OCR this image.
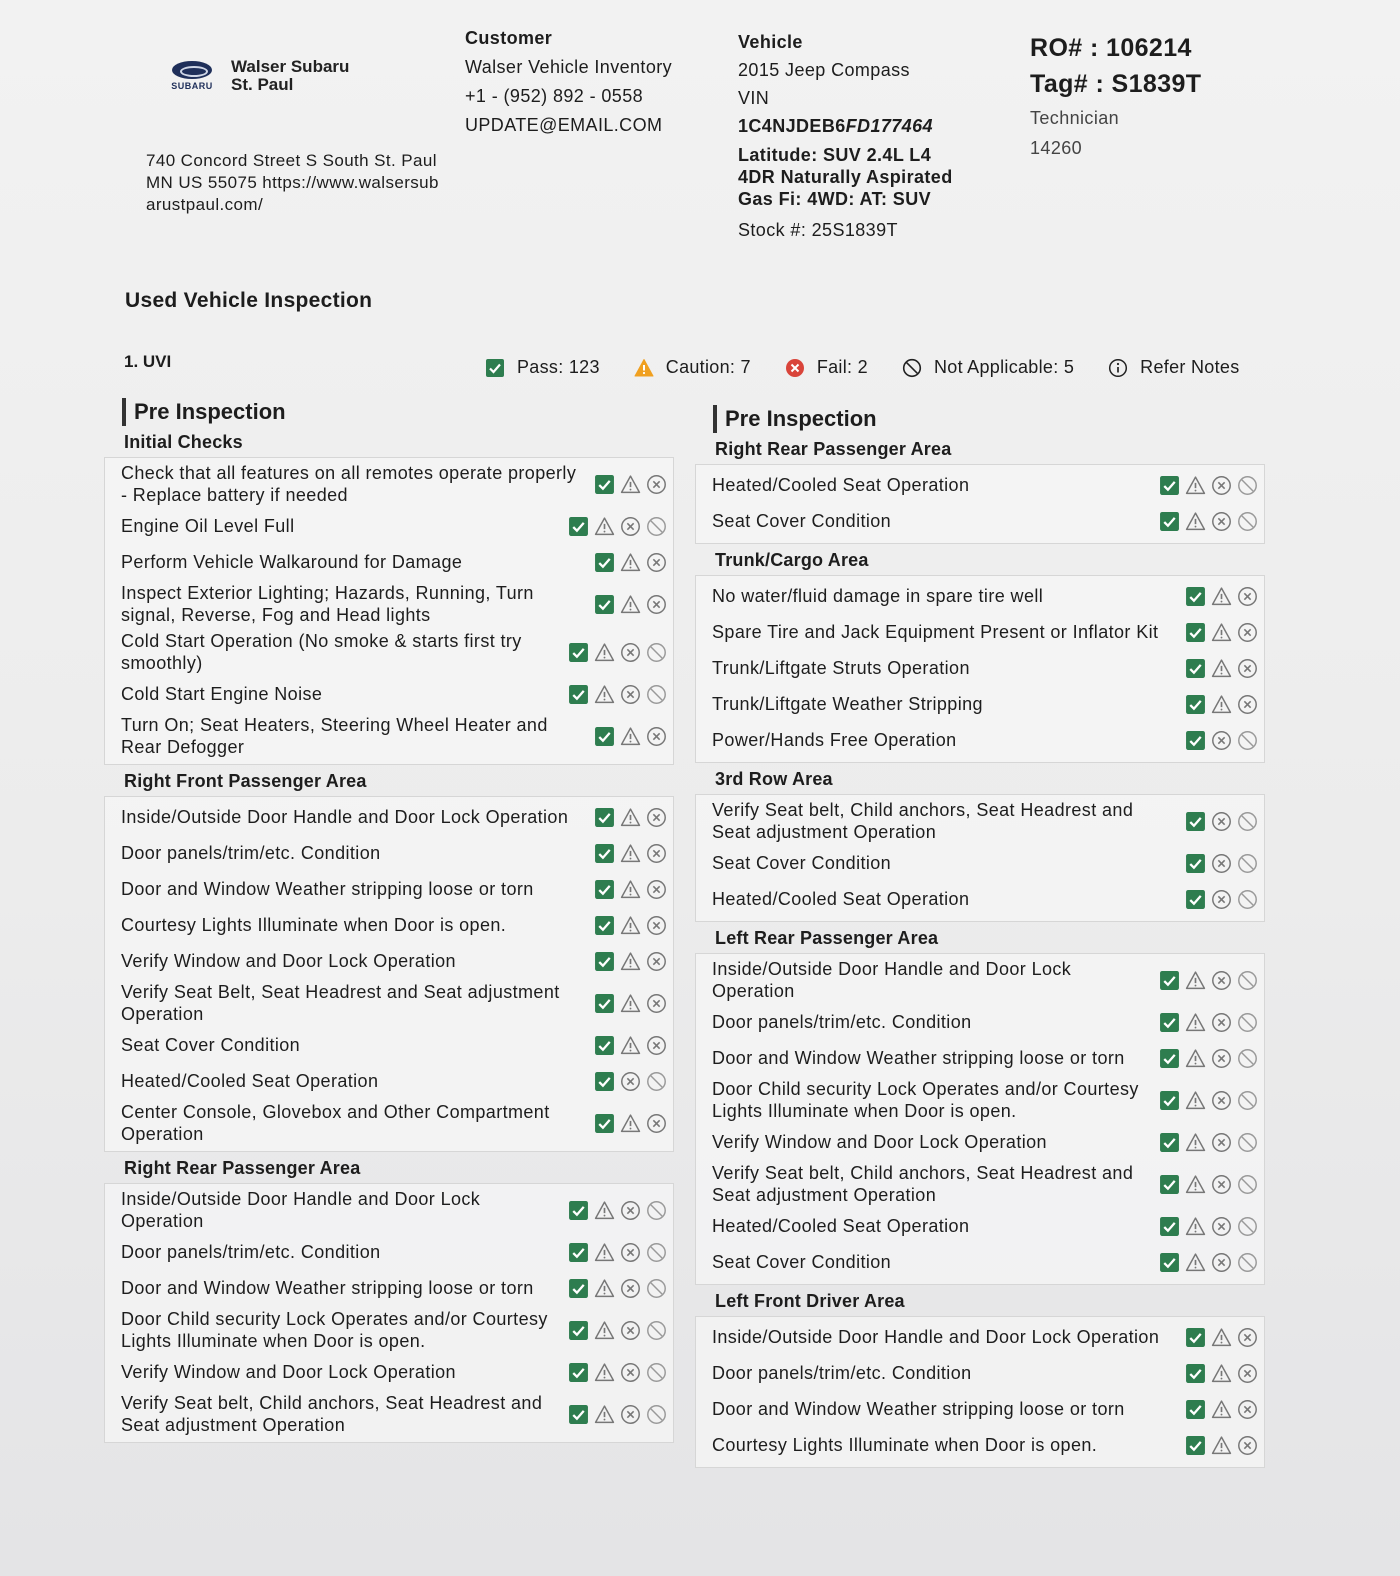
SUBARU
Walser Subaru
St. Paul
740 Concord Street S South St. Paul MN US 55075 https://www.walsersubarustpaul.com/
Customer
Walser Vehicle Inventory
+1 - (952) 892 - 0558
UPDATE@EMAIL.COM
Vehicle
2015 Jeep Compass
VIN
1C4NJDEB6FD177464
Latitude: SUV 2.4L L4
4DR Naturally Aspirated
Gas Fi: 4WD: AT: SUV
Stock #: 25S1839T
RO# : 106214
Tag# : S1839T
Technician
14260
Used Vehicle Inspection
1. UVI	Pass: 123	Caution: 7	Fail: 2	Not Applicable: 5	Refer Notes
Pre Inspection
Initial Checks
Check that all features on all remotes operate properly - Replace battery if needed
Engine Oil Level Full
Perform Vehicle Walkaround for Damage
Inspect Exterior Lighting; Hazards, Running, Turn signal, Reverse, Fog and Head lights
Cold Start Operation (No smoke & starts first try smoothly)
Cold Start Engine Noise
Turn On; Seat Heaters, Steering Wheel Heater and Rear Defogger
Right Front Passenger Area
Inside/Outside Door Handle and Door Lock Operation
Door panels/trim/etc. Condition
Door and Window Weather stripping loose or torn
Courtesy Lights Illuminate when Door is open.
Verify Window and Door Lock Operation
Verify Seat Belt, Seat Headrest and Seat adjustment Operation
Seat Cover Condition
Heated/Cooled Seat Operation
Center Console, Glovebox and Other Compartment Operation
Right Rear Passenger Area
Inside/Outside Door Handle and Door Lock Operation
Door panels/trim/etc. Condition
Door and Window Weather stripping loose or torn
Door Child security Lock Operates and/or Courtesy Lights Illuminate when Door is open.
Verify Window and Door Lock Operation
Verify Seat belt, Child anchors, Seat Headrest and Seat adjustment Operation
Pre Inspection
Right Rear Passenger Area
Heated/Cooled Seat Operation
Seat Cover Condition
Trunk/Cargo Area
No water/fluid damage in spare tire well
Spare Tire and Jack Equipment Present or Inflator Kit
Trunk/Liftgate Struts Operation
Trunk/Liftgate Weather Stripping
Power/Hands Free Operation
3rd Row Area
Verify Seat belt, Child anchors, Seat Headrest and Seat adjustment Operation
Seat Cover Condition
Heated/Cooled Seat Operation
Left Rear Passenger Area
Inside/Outside Door Handle and Door Lock Operation
Door panels/trim/etc. Condition
Door and Window Weather stripping loose or torn
Door Child security Lock Operates and/or Courtesy Lights Illuminate when Door is open.
Verify Window and Door Lock Operation
Verify Seat belt, Child anchors, Seat Headrest and Seat adjustment Operation
Heated/Cooled Seat Operation
Seat Cover Condition
Left Front Driver Area
Inside/Outside Door Handle and Door Lock Operation
Door panels/trim/etc. Condition
Door and Window Weather stripping loose or torn
Courtesy Lights Illuminate when Door is open.
